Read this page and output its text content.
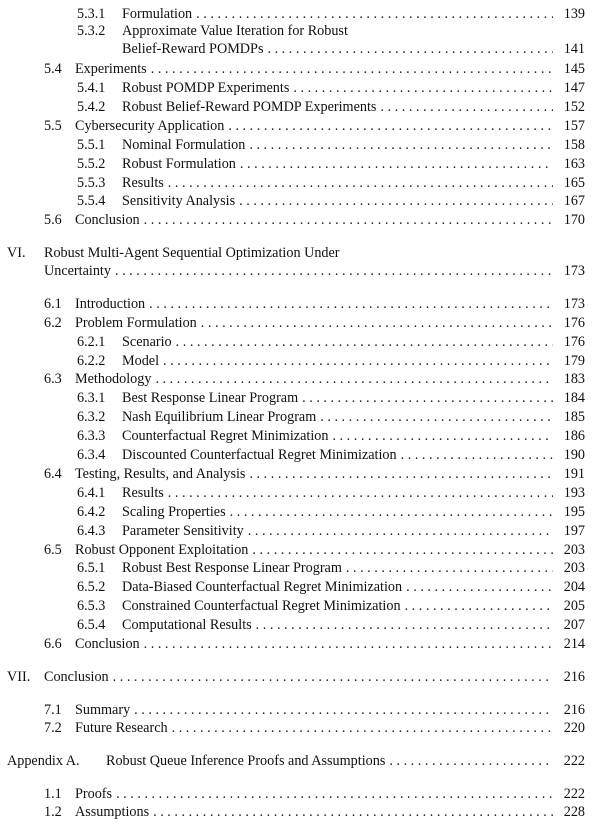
5.3.1	Formulation . . .	139
5.3.2 Approximate Value Iteration for Robust
Belief-Reward POMDPs . . .	141
5.4 Experiments . . .	145
5.4.1	Robust POMDP Experiments . . .	147
5.4.2	Robust Belief-Reward POMDP Experiments . . .	152
5.5 Cybersecurity Application . . .	157
5.5.1	Nominal Formulation . . .	158
5.5.2	Robust Formulation . . .	163
5.5.3	Results . . .	165
5.5.4	Sensitivity Analysis . . .	167
5.6 Conclusion . . .	170
VI. Robust Multi-Agent Sequential Optimization Under
Uncertainty . . .	173
6.1 Introduction . . .	173
6.2 Problem Formulation . . .	176
6.2.1	Scenario . . .	176
6.2.2	Model . . .	179
6.3 Methodology . . .	183
6.3.1	Best Response Linear Program . . .	184
6.3.2	Nash Equilibrium Linear Program . . .	185
6.3.3	Counterfactual Regret Minimization . . .	186
6.3.4	Discounted Counterfactual Regret Minimization . . .	190
6.4 Testing, Results, and Analysis . . .	191
6.4.1	Results . . .	193
6.4.2	Scaling Properties . . .	195
6.4.3	Parameter Sensitivity . . .	197
6.5 Robust Opponent Exploitation . . .	203
6.5.1	Robust Best Response Linear Program . . .	203
6.5.2	Data-Biased Counterfactual Regret Minimization . . .	204
6.5.3	Constrained Counterfactual Regret Minimization . . .	205
6.5.4	Computational Results . . .	207
6.6 Conclusion . . .	214
VII. Conclusion . . .	216
7.1 Summary . . .	216
7.2 Future Research . . .	220
Appendix A.	Robust Queue Inference Proofs and Assumptions . . .	222
1.1 Proofs . . .	222
1.2 Assumptions . . .	228
